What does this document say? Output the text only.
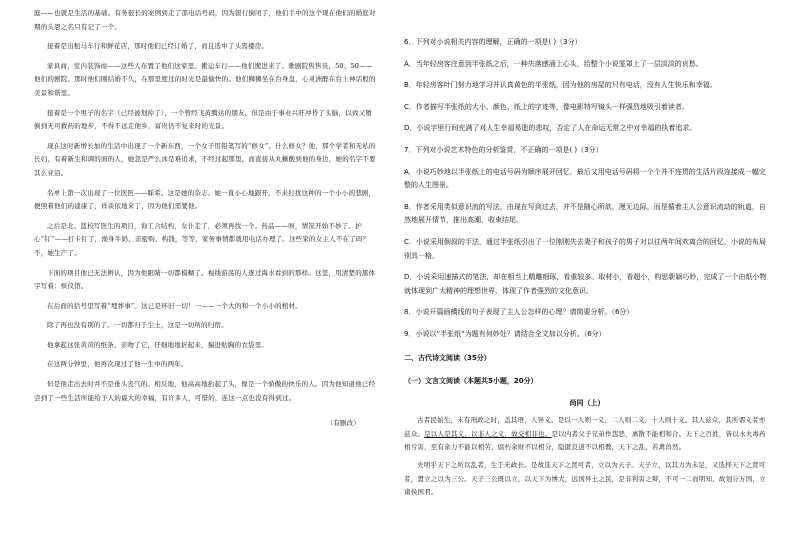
庭——也就是生活的基础。有务很长的案例到走了部电话号码，因为银行倒闭了，他们手中的这个现在他们的婚庭对期的头恩之名只有记了一个。

接着是出租马车行和鲜花店，那时他们已经订婚了，而且选中了头需楼房。

家具商，室内装饰商——这些人布置了他们这家里。搬运车行——他们搬进来了。歌剧院售售员，50、50——他们的剧院。那时他们刚结婚不久，在那里度过的时光是最愉快的。他们狮狮坐在台身盘，心灵洲醉在台上神话般的美景和谐里。

接着是一个男子的名字（已经被划掉了），一个曾经飞黄腾达的朋友，但是由于事业兴旺冲昏了头脑，以致又堕倒到无可救药的地步，不得不远走他乡，富贵仍不复来时的光景。

现在这时新增长加的生活中出现了一个新东西，一个女子用铅笔写的“修女”。什么修女？他，那个学者和无私的长妇，有着新生和调的面的人，她忽是严么冰是难追求，不经过起那里，而直接从丸蜥酸到他的身边，她的名字不要其么亚沿。

名单上第一次出现了一位医医——睬希。这是她的杂志。她一直小心地跟开，不来打扰这种的一个小小的悲剧，便照着他们的建康了，祥谈依地来了，因为他们需要他。

之后是北、篮校写医生的项目，询工合结构，女仆走了，必须再找一个。药品——呀，情况开始不妙了。护心“钉”——打卡钉了，澡身牛奶、亲密购，构钱，等等，家务事情都就用电话办理了。这些家的女主人不在了吗？不，她生产了。

下面的项目他已无法辨认，因为他眼睛一切都模糊了。视线游荡的人逐过海水看到的那样。这里，用清楚的黑体字写着：殡仪馆。

在后面的括号里写着“埋葬事”。这已是环旧一切！一——一个大的和一个小小的棺材。

除了再也没有别的了。一切都归于尘土，这是一切所的归宿。

他拿起这张黄黄的纸条，亲吻了它，仔细地地折起来，揣进贴胸的衣袋里。

在这两分钟里，他再次现过了他一生中的两年。

但是他走出去时并不是垂头丧气的。相反地，他高高地抬起了头，像是一个骄傲的快乐的人。因为他知道他已经尝到了一些生活所能给予人的最大的幸福，有许多人，可惜的，连这一点也没有得到过。

（有删改）

6．下列对小说相关内容的理解，正确的一项是( )（3分）

A．当年轻房客注意到半张纸之后，一种失落感涌上心头，给整个小说笼罩上了一层淡淡的哀愁。

B．年轻房客叶门努力地学习并认真黄色的半张纸，因为他的房屋的只有电话，没有人生快乐和幸福。

C．作者描写半张纸的大小、颜色、纸上的字迹等，像电影特写镜头一样强烈地吸引着读者。

D．小说字里行间充满了对人生幸福易逝的悲叹，否定了人在命运无常之中对幸福的执着追求。

7．下列对小说艺术特色的分析鉴赏，不正确的一项是( )（3分）

A．小说巧妙地以半张纸上的电话号码为顺序展开回忆，最后又用电话号码将一个个并不连贯的生活片段连接成一幅完整的人生图景。

B．作者采用类似意识流的写法，由现在写到过去，并不是随心所欲，漫无边际，而是循着主人公意识流动的轨道，自然地展开情节，推出高潮，收束结尾。

C．小说采用倒叙的手法，通过半张纸引出了一位刚刚失去妻子和孩子的男子对以往两年间欢离合的回忆，小说的布局别具一格。

D．小说采用速描式的笔法，却在相当上精雕细琢，看重较多。取材小，看超小，构思新颖巧妙，完成了一个由纸小物就体现到广大精神的理想世界，体现了作者强烈的文化意识。

8．小说开篇画横线的句子表现了主人公怎样的心理？请简要分析。（6分）

9．小说以“半张纸”为题有何妙处？请结合全文加以分析。（6分）

二、古代诗文阅读（35分）

（一）文言文阅读（本题共5小题，20分）

尚同（上）

古者民始生，未有刑政之时，盖其语，人异义。是以一人则一义，二人则二义，十人则十义。其人兹众，其所谓义者亦兹众。是以人是其义，以非人之义，故交相非也。是以内者父子兄弟作怨恶，离散不能相和合。天下之百姓，皆以水火毒药相亏害，至有余力不能以相劳，腐朽余财不以相分，隐匿良道不以相教，天下之乱，若禽兽然。

夫明乎天下之所以乱者，生于无政长。是故选天下之贤可者，立以为天子。天子立，以其力为未足，又选择天下之贤可者，置立之以为三公。天子三公既以立，以天下为博大，远国异土之民，是非利害之辩，不可一二而明知，故划分万国，立诸侯国君。
